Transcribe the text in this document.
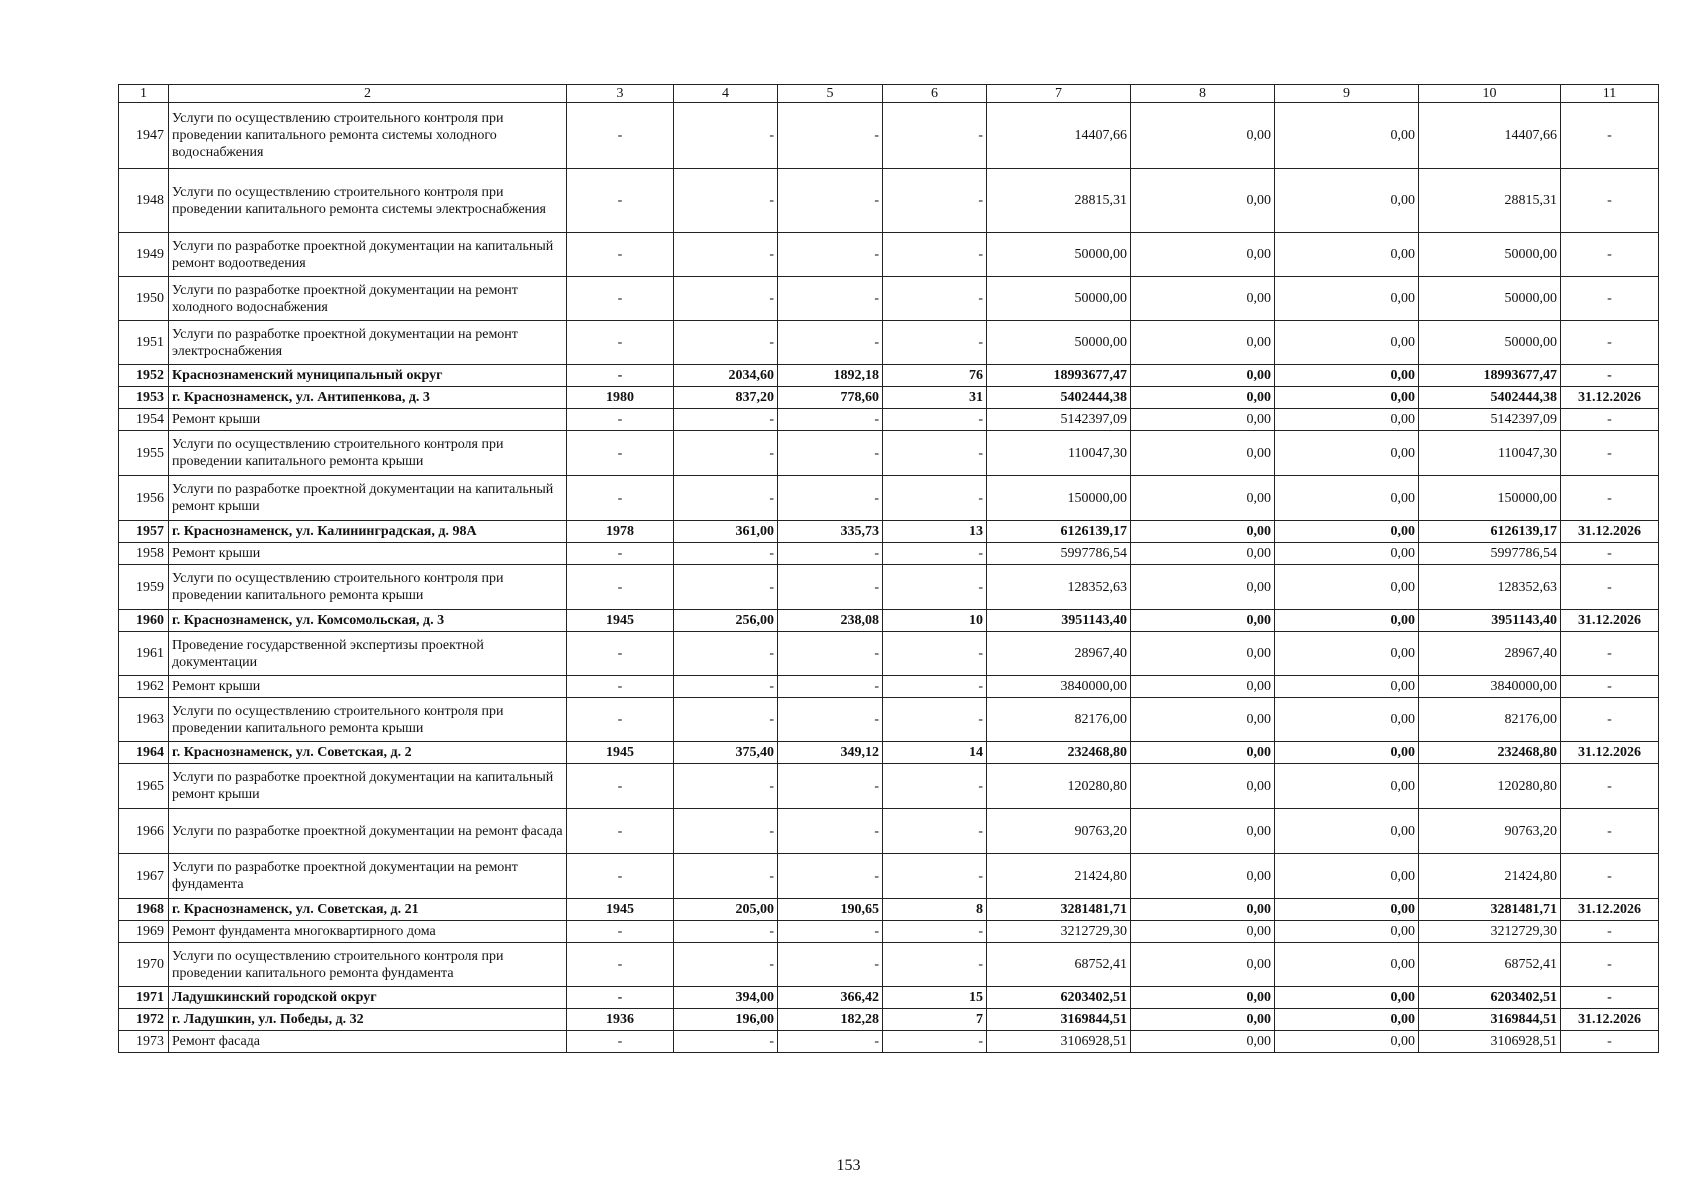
1	2	3	4	5	6	7	8	9	10	11
1947	Услуги по осуществлению строительного контроля при проведении капитального ремонта системы холодного водоснабжения	-	-	-	-	14407,66	0,00	0,00	14407,66	-
1948	Услуги по осуществлению строительного контроля при проведении капитального ремонта системы электроснабжения	-	-	-	-	28815,31	0,00	0,00	28815,31	-
1949	Услуги по разработке проектной документации на капитальный ремонт водоотведения	-	-	-	-	50000,00	0,00	0,00	50000,00	-
1950	Услуги по разработке проектной документации на ремонт холодного водоснабжения	-	-	-	-	50000,00	0,00	0,00	50000,00	-
1951	Услуги по разработке проектной документации на ремонт электроснабжения	-	-	-	-	50000,00	0,00	0,00	50000,00	-
1952	Краснознаменский муниципальный округ	-	2034,60	1892,18	76	18993677,47	0,00	0,00	18993677,47	-
1953	г. Краснознаменск, ул. Антипенкова, д. 3	1980	837,20	778,60	31	5402444,38	0,00	0,00	5402444,38	31.12.2026
1954	Ремонт крыши	-	-	-	-	5142397,09	0,00	0,00	5142397,09	-
1955	Услуги по осуществлению строительного контроля при проведении капитального ремонта крыши	-	-	-	-	110047,30	0,00	0,00	110047,30	-
1956	Услуги по разработке проектной документации на капитальный ремонт крыши	-	-	-	-	150000,00	0,00	0,00	150000,00	-
1957	г. Краснознаменск, ул. Калининградская, д. 98А	1978	361,00	335,73	13	6126139,17	0,00	0,00	6126139,17	31.12.2026
1958	Ремонт крыши	-	-	-	-	5997786,54	0,00	0,00	5997786,54	-
1959	Услуги по осуществлению строительного контроля при проведении капитального ремонта крыши	-	-	-	-	128352,63	0,00	0,00	128352,63	-
1960	г. Краснознаменск, ул. Комсомольская, д. 3	1945	256,00	238,08	10	3951143,40	0,00	0,00	3951143,40	31.12.2026
1961	Проведение государственной экспертизы проектной документации	-	-	-	-	28967,40	0,00	0,00	28967,40	-
1962	Ремонт крыши	-	-	-	-	3840000,00	0,00	0,00	3840000,00	-
1963	Услуги по осуществлению строительного контроля при проведении капитального ремонта крыши	-	-	-	-	82176,00	0,00	0,00	82176,00	-
1964	г. Краснознаменск, ул. Советская, д. 2	1945	375,40	349,12	14	232468,80	0,00	0,00	232468,80	31.12.2026
1965	Услуги по разработке проектной документации на капитальный ремонт крыши	-	-	-	-	120280,80	0,00	0,00	120280,80	-
1966	Услуги по разработке проектной документации на ремонт фасада	-	-	-	-	90763,20	0,00	0,00	90763,20	-
1967	Услуги по разработке проектной документации на ремонт фундамента	-	-	-	-	21424,80	0,00	0,00	21424,80	-
1968	г. Краснознаменск, ул. Советская, д. 21	1945	205,00	190,65	8	3281481,71	0,00	0,00	3281481,71	31.12.2026
1969	Ремонт фундамента многоквартирного дома	-	-	-	-	3212729,30	0,00	0,00	3212729,30	-
1970	Услуги по осуществлению строительного контроля при проведении капитального ремонта фундамента	-	-	-	-	68752,41	0,00	0,00	68752,41	-
1971	Ладушкинский городской округ	-	394,00	366,42	15	6203402,51	0,00	0,00	6203402,51	-
1972	г. Ладушкин, ул. Победы, д. 32	1936	196,00	182,28	7	3169844,51	0,00	0,00	3169844,51	31.12.2026
1973	Ремонт фасада	-	-	-	-	3106928,51	0,00	0,00	3106928,51	-
153
